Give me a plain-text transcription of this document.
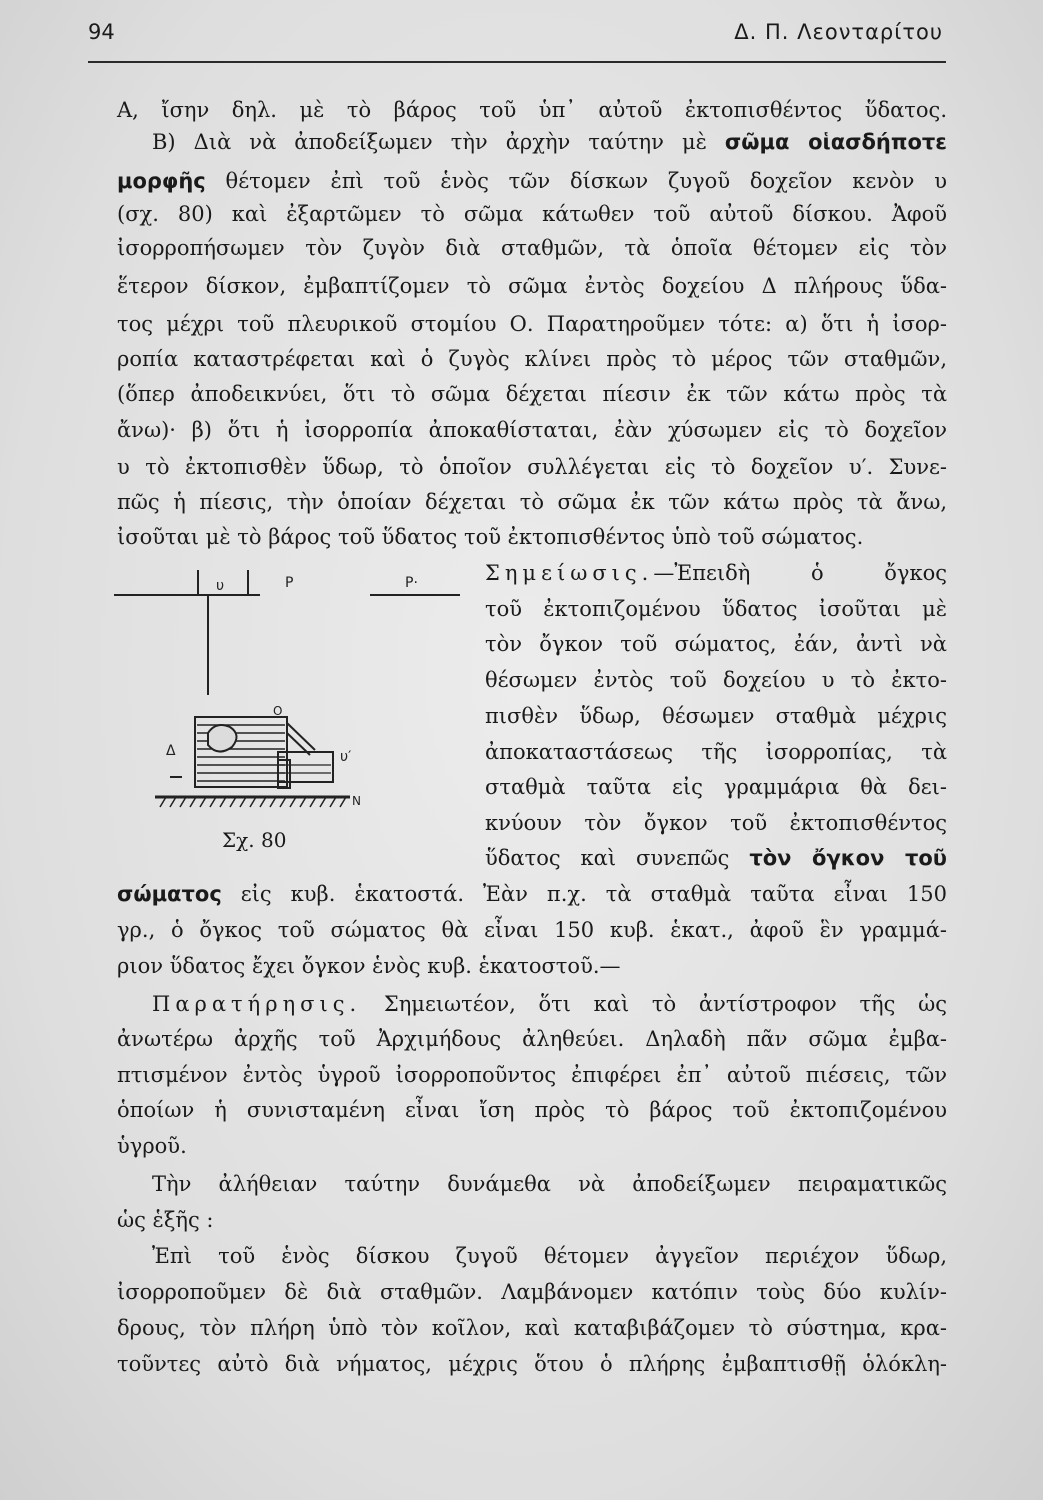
94	Δ. Π. Λεονταρίτου
Α, ἴσην δηλ. μὲ τὸ βάρος τοῦ ὑπ᾿ αὐτοῦ ἐκτοπισθέντος ὕδατος.
Β) Διὰ νὰ ἀποδείξωμεν τὴν ἀρχὴν ταύτην μὲ σῶμα οἱασδήποτε
μορφῆς θέτομεν ἐπὶ τοῦ ἑνὸς τῶν δίσκων ζυγοῦ δοχεῖον κενὸν υ
(σχ. 80) καὶ ἐξαρτῶμεν τὸ σῶμα κάτωθεν τοῦ αὐτοῦ δίσκου. Ἀφοῦ
ἰσορροπήσωμεν τὸν ζυγὸν διὰ σταθμῶν, τὰ ὁποῖα θέτομεν εἰς τὸν
ἕτερον δίσκον, ἐμβαπτίζομεν τὸ σῶμα ἐντὸς δοχείου Δ πλήρους ὕδα-
τος μέχρι τοῦ πλευρικοῦ στομίου Ο. Παρατηροῦμεν τότε: α) ὅτι ἡ ἰσορ-
ροπία καταστρέφεται καὶ ὁ ζυγὸς κλίνει πρὸς τὸ μέρος τῶν σταθμῶν,
(ὅπερ ἀποδεικνύει, ὅτι τὸ σῶμα δέχεται πίεσιν ἐκ τῶν κάτω πρὸς τὰ
ἄνω)· β) ὅτι ἡ ἰσορροπία ἀποκαθίσταται, ἐὰν χύσωμεν εἰς τὸ δοχεῖον
υ τὸ ἐκτοπισθὲν ὕδωρ, τὸ ὁποῖον συλλέγεται εἰς τὸ δοχεῖον υ′. Συνε-
πῶς ἡ πίεσις, τὴν ὁποίαν δέχεται τὸ σῶμα ἐκ τῶν κάτω πρὸς τὰ ἄνω,
ἰσοῦται μὲ τὸ βάρος τοῦ ὕδατος τοῦ ἐκτοπισθέντος ὑπὸ τοῦ σώματος.
υ	P	P·
Δ	υ′
N
O
Σχ. 80
Σημείωσις.—Ἐπειδὴ ὁ ὄγκος
τοῦ ἐκτοπιζομένου ὕδατος ἰσοῦται μὲ
τὸν ὄγκον τοῦ σώματος, ἐάν, ἀντὶ νὰ
θέσωμεν ἐντὸς τοῦ δοχείου υ τὸ ἐκτο-
πισθὲν ὕδωρ, θέσωμεν σταθμὰ μέχρις
ἀποκαταστάσεως τῆς ἰσορροπίας, τὰ
σταθμὰ ταῦτα εἰς γραμμάρια θὰ δει-
κνύουν τὸν ὄγκον τοῦ ἐκτοπισθέντος
ὕδατος καὶ συνεπῶς τὸν ὄγκον τοῦ
σώματος εἰς κυβ. ἑκατοστά. Ἐὰν π.χ. τὰ σταθμὰ ταῦτα εἶναι 150
γρ., ὁ ὄγκος τοῦ σώματος θὰ εἶναι 150 κυβ. ἑκατ., ἀφοῦ ἓν γραμμά-
ριον ὕδατος ἔχει ὄγκον ἑνὸς κυβ. ἑκατοστοῦ.—
Παρατήρησις. Σημειωτέον, ὅτι καὶ τὸ ἀντίστροφον τῆς ὡς
ἀνωτέρω ἀρχῆς τοῦ Ἀρχιμήδους ἀληθεύει. Δηλαδὴ πᾶν σῶμα ἐμβα-
πτισμένον ἐντὸς ὑγροῦ ἰσορροποῦντος ἐπιφέρει ἐπ᾿ αὐτοῦ πιέσεις, τῶν
ὁποίων ἡ συνισταμένη εἶναι ἴση πρὸς τὸ βάρος τοῦ ἐκτοπιζομένου
ὑγροῦ.
Τὴν ἀλήθειαν ταύτην δυνάμεθα νὰ ἀποδείξωμεν πειραματικῶς
ὡς ἑξῆς :
Ἐπὶ τοῦ ἑνὸς δίσκου ζυγοῦ θέτομεν ἀγγεῖον περιέχον ὕδωρ,
ἰσορροποῦμεν δὲ διὰ σταθμῶν. Λαμβάνομεν κατόπιν τοὺς δύο κυλίν-
δρους, τὸν πλήρη ὑπὸ τὸν κοῖλον, καὶ καταβιβάζομεν τὸ σύστημα, κρα-
τοῦντες αὐτὸ διὰ νήματος, μέχρις ὅτου ὁ πλήρης ἐμβαπτισθῇ ὁλόκλη-
